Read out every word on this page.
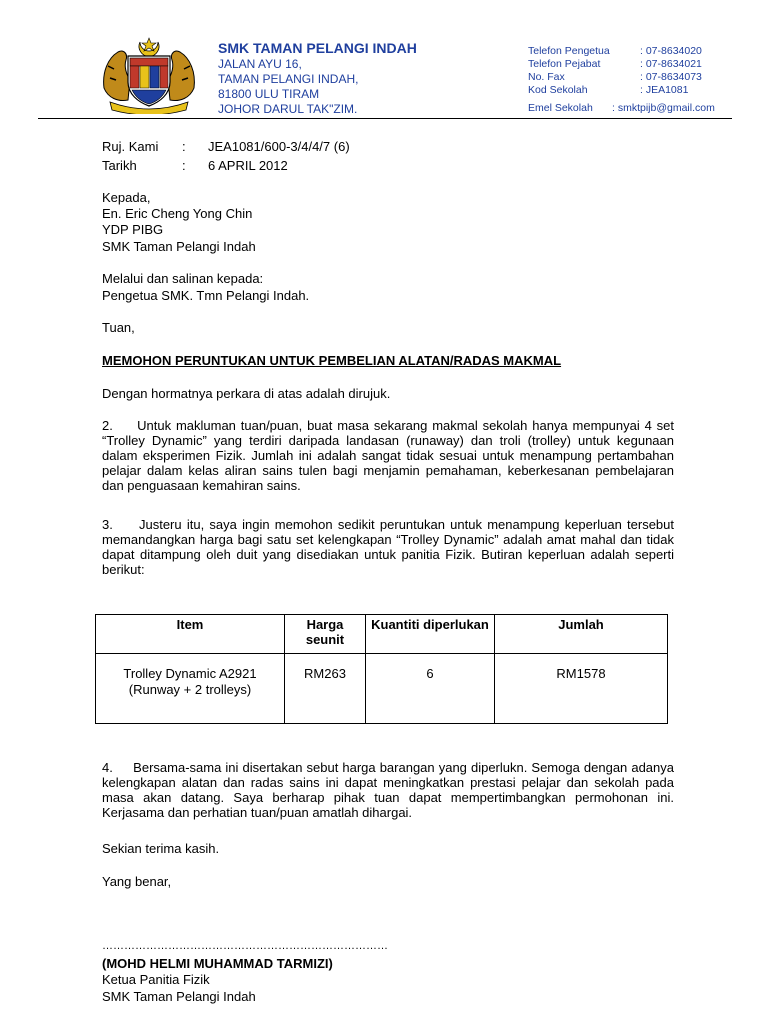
SMK TAMAN PELANGI INDAH
JALAN AYU 16,
TAMAN PELANGI INDAH,
81800 ULU TIRAM
JOHOR DARUL TAK"ZIM.
Telefon Pengetua	: 07-8634020
Telefon Pejabat	: 07-8634021
No. Fax	: 07-8634073
Kod Sekolah	: JEA1081
Emel Sekolah : smktpijb@gmail.com
Ruj. Kami : JEA1081/600-3/4/4/7 (6)
Tarikh	: 6 APRIL 2012
Kepada,
En. Eric Cheng Yong Chin
YDP PIBG
SMK Taman Pelangi Indah
Melalui dan salinan kepada:
Pengetua SMK. Tmn Pelangi Indah.
Tuan,
MEMOHON PERUNTUKAN UNTUK PEMBELIAN ALATAN/RADAS MAKMAL
Dengan hormatnya perkara di atas adalah dirujuk.
2.     Untuk makluman tuan/puan, buat masa sekarang makmal sekolah hanya mempunyai 4 set “Trolley Dynamic” yang terdiri daripada landasan (runaway) dan troli (trolley) untuk kegunaan dalam eksperimen Fizik. Jumlah ini adalah sangat tidak sesuai untuk menampung pertambahan pelajar dalam kelas aliran sains tulen bagi menjamin pemahaman, keberkesanan pembelajaran dan penguasaan kemahiran sains.
3.     Justeru itu, saya ingin memohon sedikit peruntukan untuk menampung keperluan tersebut memandangkan harga bagi satu set kelengkapan “Trolley Dynamic” adalah amat mahal dan tidak dapat ditampung oleh duit yang disediakan untuk panitia Fizik. Butiran keperluan adalah seperti berikut:
Item	Harga seunit	Kuantiti diperlukan	Jumlah

Trolley Dynamic A2921
(Runway + 2 trolleys)	RM263	6	RM1578
4.     Bersama-sama ini disertakan sebut harga barangan yang diperlukn. Semoga dengan adanya kelengkapan alatan dan radas sains ini dapat meningkatkan prestasi pelajar dan sekolah pada masa akan datang. Saya berharap pihak tuan dapat mempertimbangkan permohonan ini. Kerjasama dan perhatian tuan/puan amatlah dihargai.
Sekian terima kasih.
Yang benar,
……………………………………………………………………
(MOHD HELMI MUHAMMAD TARMIZI)
Ketua Panitia Fizik
SMK Taman Pelangi Indah
